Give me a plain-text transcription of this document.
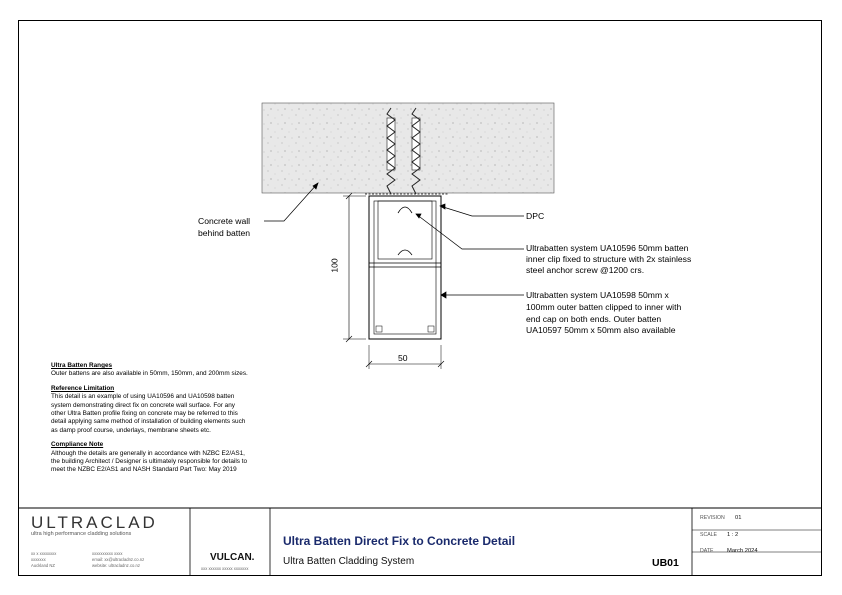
Concrete wall
behind batten
DPC
Ultrabatten system UA10596 50mm batten
inner clip fixed to structure with 2x stainless
steel anchor screw @1200 crs.
Ultrabatten system UA10598 50mm x
100mm outer batten clipped to inner with
end cap on both ends. Outer batten
UA10597 50mm x 50mm also available
100
50
Ultra Batten Ranges
Outer battens are also available in 50mm, 150mm, and 200mm sizes.
Reference Limitation
This detail is an example of using UA10596 and UA10598 batten
system demonstrating direct fix on concrete wall surface. For any
other Ultra Batten profile fixing on concrete may be referred to this
detail applying same method of installation of building elements such
as damp proof course, underlays, membrane sheets etc.
Compliance Note
Although the details are generally in accordance with NZBC E2/AS1,
the building Architect / Designer is ultimately responsible for details to
meet the NZBC E2/AS1 and NASH Standard Part Two: May 2019
ULTRACLAD
ultra high performance cladding solutions
xx x xxxxxxxx
xxxxxxx
Auckland NZ
xxxxxxxxxx xxxx
email: xx@ultracladnz.co.nz
website: ultracladnz.co.nz
VULCAN.
xxx xxxxxx xxxxx xxxxxxx
Ultra Batten Direct Fix to Concrete Detail
Ultra Batten Cladding System	UB01
REVISION 01
SCALE 1 : 2
DATE March 2024
